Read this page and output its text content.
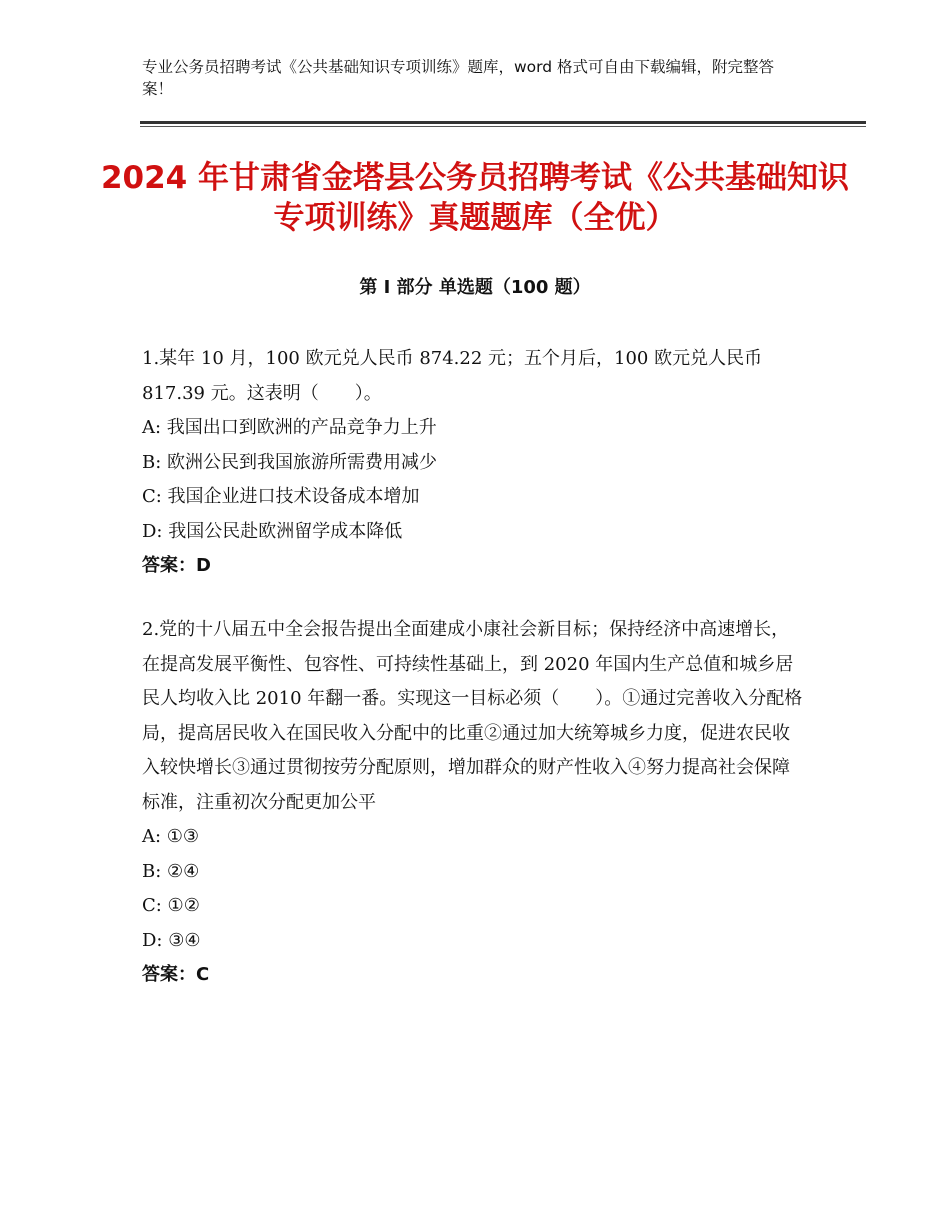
专业公务员招聘考试《公共基础知识专项训练》题库，word 格式可自由下载编辑，附完整答案！
2024 年甘肃省金塔县公务员招聘考试《公共基础知识专项训练》真题题库（全优）
第 I 部分 单选题（100 题）

1.某年 10 月，100 欧元兑人民币 874.22 元；五个月后，100 欧元兑人民币 817.39 元。这表明（　　）。

A: 我国出口到欧洲的产品竞争力上升

B: 欧洲公民到我国旅游所需费用减少

C: 我国企业进口技术设备成本增加

D: 我国公民赴欧洲留学成本降低

答案：D

2.党的十八届五中全会报告提出全面建成小康社会新目标；保持经济中高速增长，在提高发展平衡性、包容性、可持续性基础上，到 2020 年国内生产总值和城乡居民人均收入比 2010 年翻一番。实现这一目标必须（　　）。①通过完善收入分配格局，提高居民收入在国民收入分配中的比重②通过加大统筹城乡力度，促进农民收入较快增长③通过贯彻按劳分配原则，增加群众的财产性收入④努力提高社会保障标准，注重初次分配更加公平

A: ①③

B: ②④

C: ①②

D: ③④

答案：C
